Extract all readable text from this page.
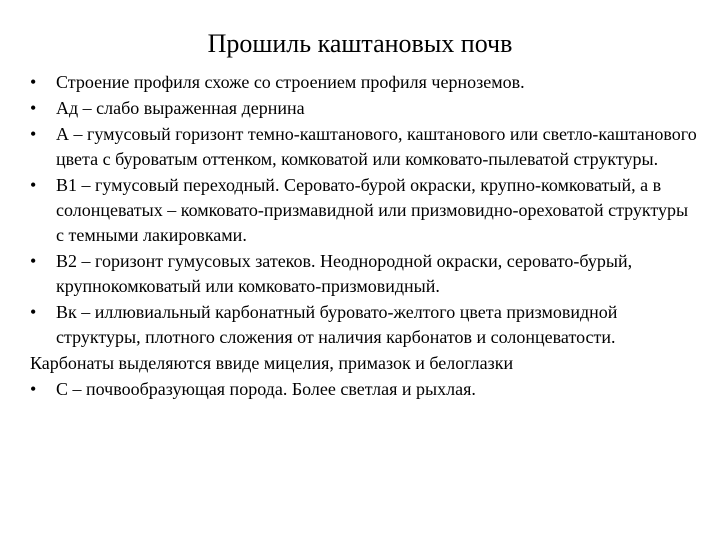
Прошиль каштановых почв
•	Строение профиля схоже со строением профиля черноземов.
•	Ад – слабо выраженная дернина
•	А – гумусовый горизонт темно-каштанового, каштанового или светло-каштанового цвета с буроватым оттенком, комковатой или комковато-пылеватой структуры.
•	В1 – гумусовый переходный. Серовато-бурой окраски, крупно-комковатый, а в солонцеватых – комковато-призмавидной или призмовидно-ореховатой структуры с темными лакировками.
•	В2 – горизонт гумусовых затеков. Неоднородной окраски, серовато-бурый, крупнокомковатый или комковато-призмовидный.
•	Вк – иллювиальный карбонатный буровато-желтого цвета призмовидной структуры, плотного сложения от наличия карбонатов и солонцеватости.
Карбонаты выделяются ввиде мицелия, примазок и белоглазки
•	С – почвообразующая порода. Более светлая и рыхлая.
